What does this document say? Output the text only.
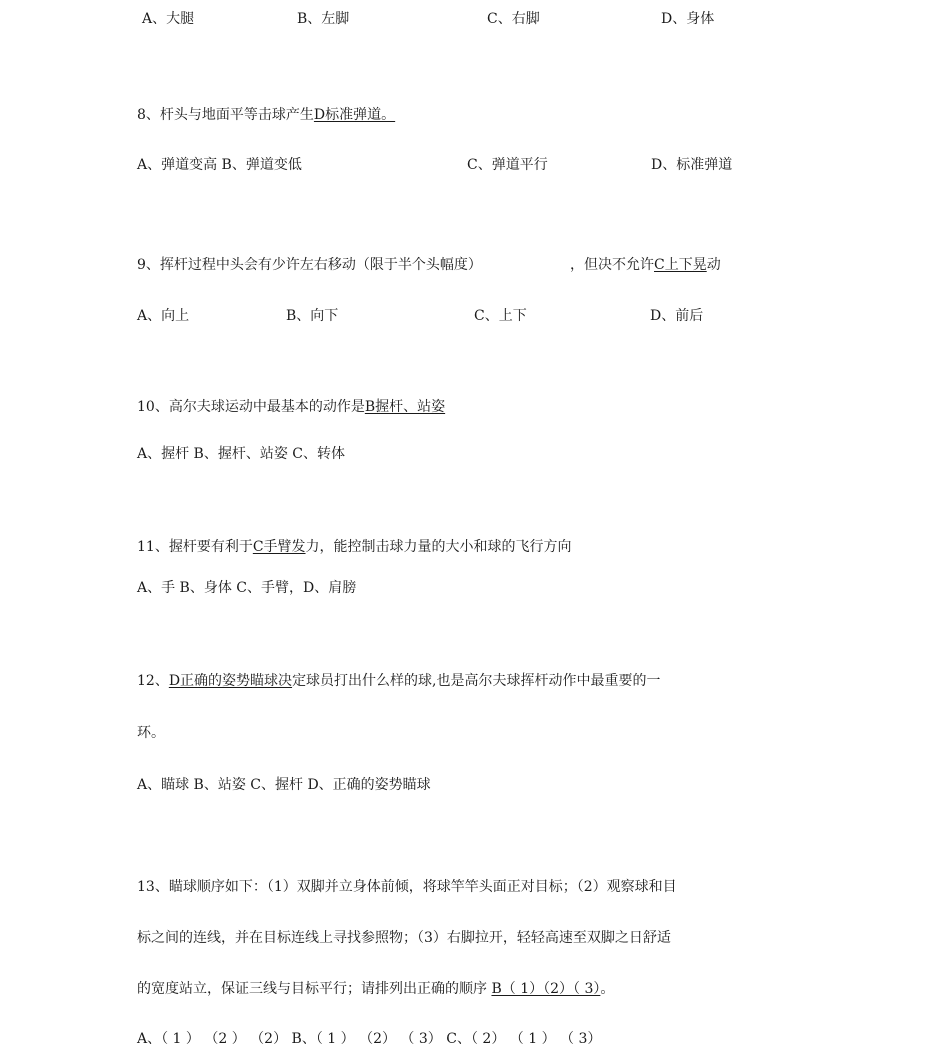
A、大腿	B、左脚	C、右脚	D、身体
8、杆头与地面平等击球产生D标准弹道。
A、弹道变高 B、弹道变低	C、弹道平行	D、标准弹道
9、挥杆过程中头会有少许左右移动（限于半个头幅度）	，但决不允许C上下晃动
A、向上	B、向下	C、上下	D、前后
10、高尔夫球运动中最基本的动作是B握杆、站姿
A、握杆 B、握杆、站姿 C、转体
11、握杆要有利于C手臂发力，能控制击球力量的大小和球的飞行方向
A、手 B、身体 C、手臂，D、肩膀
12、D正确的姿势瞄球决定球员打出什么样的球,也是高尔夫球挥杆动作中最重要的一
环。
A、瞄球 B、站姿 C、握杆 D、正确的姿势瞄球
13、瞄球顺序如下：（1）双脚并立身体前倾，将球竿竿头面正对目标；（2）观察球和目
标之间的连线，并在目标连线上寻找参照物；（3）右脚拉开，轻轻高速至双脚之日舒适
的宽度站立，保证三线与目标平行；请排列出正确的顺序 B（ 1）（2）（ 3）。
A、（ 1 ） （2 ） （2） B、（ 1 ） （2） （ 3） C、（ 2） （ 1 ） （ 3）
